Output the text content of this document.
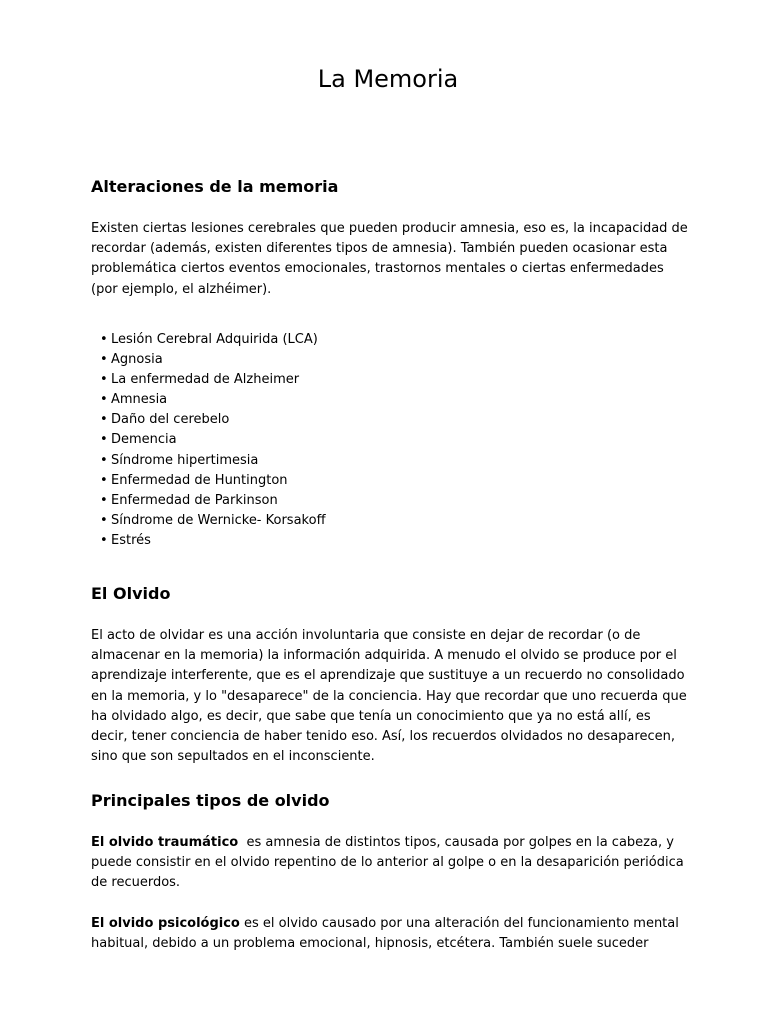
La Memoria
Alteraciones de la memoria

Existen ciertas lesiones cerebrales que pueden producir amnesia, eso es, la incapacidad de recordar (además, existen diferentes tipos de amnesia). También pueden ocasionar esta problemática ciertos eventos emocionales, trastornos mentales o ciertas enfermedades (por ejemplo, el alzhéimer).

• Lesión Cerebral Adquirida (LCA)
• Agnosia
• La enfermedad de Alzheimer
• Amnesia
• Daño del cerebelo
• Demencia
• Síndrome hipertimesia
• Enfermedad de Huntington
• Enfermedad de Parkinson
• Síndrome de Wernicke- Korsakoff
• Estrés
El Olvido

El acto de olvidar es una acción involuntaria que consiste en dejar de recordar (o de almacenar en la memoria) la información adquirida. A menudo el olvido se produce por el aprendizaje interferente, que es el aprendizaje que sustituye a un recuerdo no consolidado en la memoria, y lo "desaparece" de la conciencia. Hay que recordar que uno recuerda que ha olvidado algo, es decir, que sabe que tenía un conocimiento que ya no está allí, es decir, tener conciencia de haber tenido eso. Así, los recuerdos olvidados no desaparecen, sino que son sepultados en el inconsciente.

Principales tipos de olvido

El olvido traumático  es amnesia de distintos tipos, causada por golpes en la cabeza, y puede consistir en el olvido repentino de lo anterior al golpe o en la desaparición periódica de recuerdos.

El olvido psicológico es el olvido causado por una alteración del funcionamiento mental habitual, debido a un problema emocional, hipnosis, etcétera. También suele suceder
